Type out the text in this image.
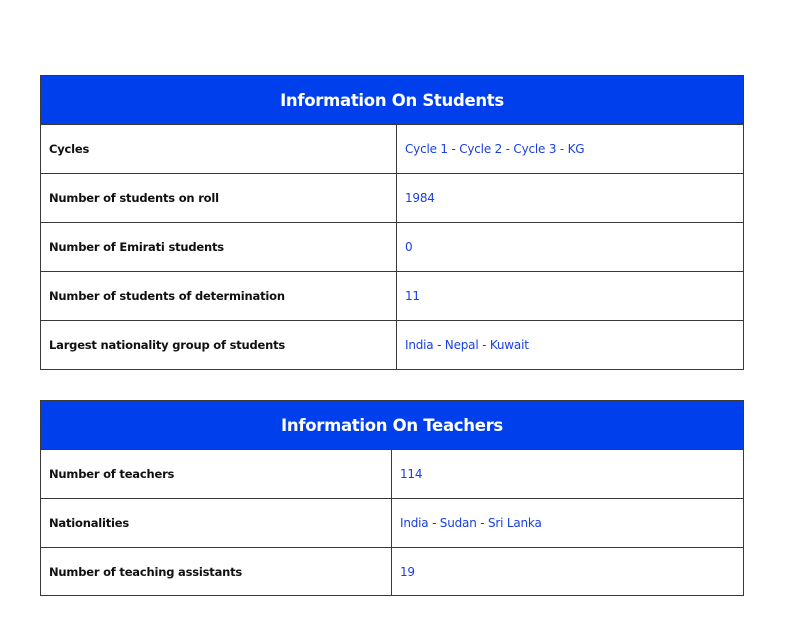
Information On Students	
Cycles	Cycle 1 - Cycle 2 - Cycle 3 - KG
Number of students on roll	1984
Number of Emirati students	0
Number of students of determination	11
Largest nationality group of students	India - Nepal - Kuwait
Information On Teachers	
Number of teachers	114
Nationalities	India - Sudan - Sri Lanka
Number of teaching assistants	19
